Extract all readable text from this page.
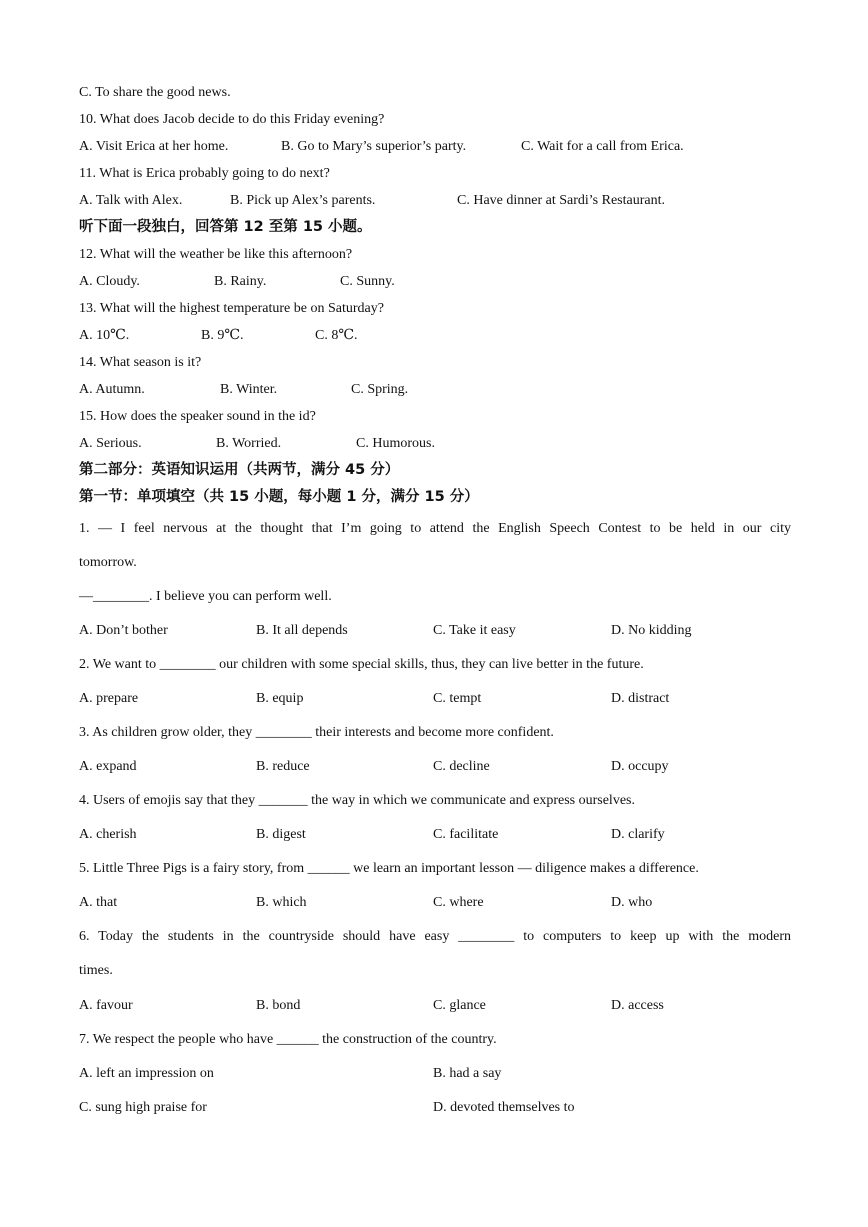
C. To share the good news.
10. What does Jacob decide to do this Friday evening?
A. Visit Erica at her home.	B. Go to Mary’s superior’s party.	C. Wait for a call from Erica.
11. What is Erica probably going to do next?
A. Talk with Alex.	B. Pick up Alex’s parents.	C. Have dinner at Sardi’s Restaurant.
听下面一段独白，回答第 12 至第 15 小题。
12. What will the weather be like this afternoon?
A. Cloudy.	B. Rainy.	C. Sunny.
13. What will the highest temperature be on Saturday?
A. 10℃.	B. 9℃.	C. 8℃.
14. What season is it?
A. Autumn.	B. Winter.	C. Spring.
15. How does the speaker sound in the id?
A. Serious.	B. Worried.	C. Humorous.
第二部分：英语知识运用（共两节，满分 45 分）
第一节：单项填空（共 15 小题，每小题 1 分，满分 15 分）
1. — I feel nervous at the thought that I’m going to attend the English Speech Contest to be held in our city
tomorrow.
—________. I believe you can perform well.
A. Don’t bother	B. It all depends	C. Take it easy	D. No kidding
2. We want to ________ our children with some special skills, thus, they can live better in the future.
A. prepare	B. equip	C. tempt	D. distract
3. As children grow older, they ________ their interests and become more confident.
A. expand	B. reduce	C. decline	D. occupy
4. Users of emojis say that they _______ the way in which we communicate and express ourselves.
A. cherish	B. digest	C. facilitate	D. clarify
5. Little Three Pigs is a fairy story, from ______ we learn an important lesson — diligence makes a difference.
A. that	B. which	C. where	D. who
6. Today the students in the countryside should have easy ________ to computers to keep up with the modern
times.
A. favour	B. bond	C. glance	D. access
7. We respect the people who have ______ the construction of the country.
A. left an impression on	B. had a say
C. sung high praise for	D. devoted themselves to
